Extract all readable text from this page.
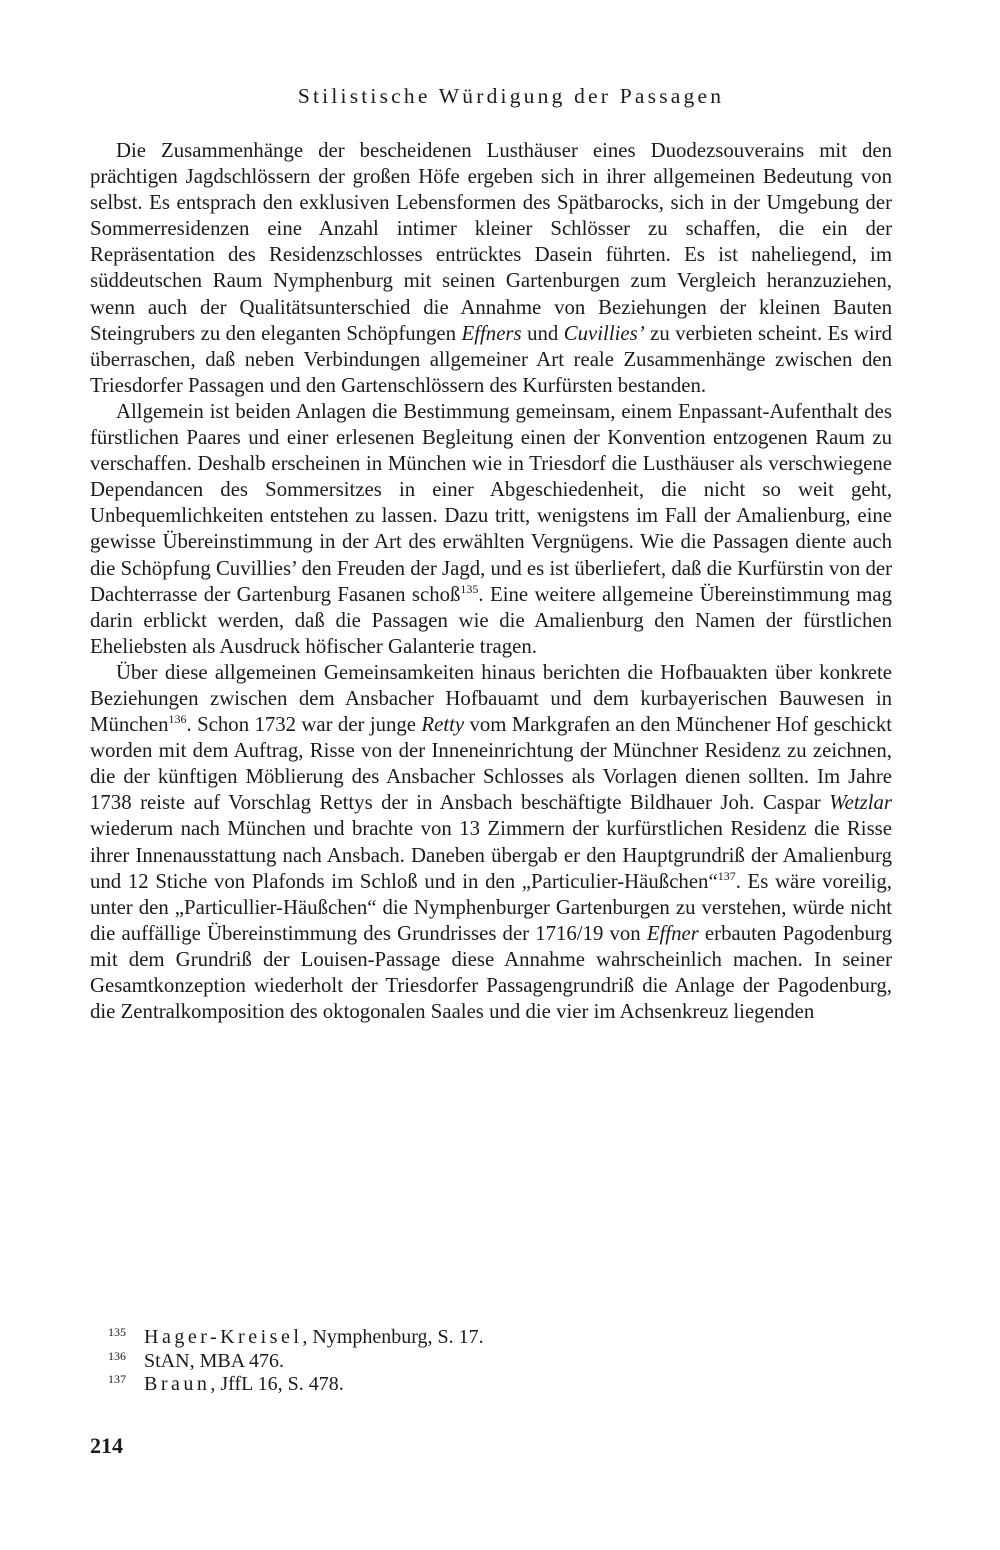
Stilistische Würdigung der Passagen

Die Zusammenhänge der bescheidenen Lusthäuser eines Duodezsouverains mit den prächtigen Jagdschlössern der großen Höfe ergeben sich in ihrer allgemeinen Bedeutung von selbst. Es entsprach den exklusiven Lebensformen des Spätbarocks, sich in der Umgebung der Sommerresidenzen eine Anzahl intimer kleiner Schlösser zu schaffen, die ein der Repräsentation des Residenzschlosses entrücktes Dasein führten. Es ist naheliegend, im süddeutschen Raum Nymphenburg mit seinen Gartenburgen zum Vergleich heranzuziehen, wenn auch der Qualitätsunterschied die Annahme von Beziehungen der kleinen Bauten Steingrubers zu den eleganten Schöpfungen Effners und Cuvillies’ zu verbieten scheint. Es wird überraschen, daß neben Verbindungen allgemeiner Art reale Zusammenhänge zwischen den Triesdorfer Passagen und den Gartenschlössern des Kurfürsten bestanden.

Allgemein ist beiden Anlagen die Bestimmung gemeinsam, einem Enpassant-Aufenthalt des fürstlichen Paares und einer erlesenen Begleitung einen der Konvention entzogenen Raum zu verschaffen. Deshalb erscheinen in München wie in Triesdorf die Lusthäuser als verschwiegene Dependancen des Sommersitzes in einer Abgeschiedenheit, die nicht so weit geht, Unbequemlichkeiten entstehen zu lassen. Dazu tritt, wenigstens im Fall der Amalienburg, eine gewisse Übereinstimmung in der Art des erwählten Vergnügens. Wie die Passagen diente auch die Schöpfung Cuvillies’ den Freuden der Jagd, und es ist überliefert, daß die Kurfürstin von der Dachterrasse der Gartenburg Fasanen schoß$^{135}$. Eine weitere allgemeine Übereinstimmung mag darin erblickt werden, daß die Passagen wie die Amalienburg den Namen der fürstlichen Eheliebsten als Ausdruck höfischer Galanterie tragen.

Über diese allgemeinen Gemeinsamkeiten hinaus berichten die Hofbauakten über konkrete Beziehungen zwischen dem Ansbacher Hofbauamt und dem kurbayerischen Bauwesen in München$^{136}$. Schon 1732 war der junge Retty vom Markgrafen an den Münchener Hof geschickt worden mit dem Auftrag, Risse von der Inneneinrichtung der Münchner Residenz zu zeichnen, die der künftigen Möblierung des Ansbacher Schlosses als Vorlagen dienen sollten. Im Jahre 1738 reiste auf Vorschlag Rettys der in Ansbach beschäftigte Bildhauer Joh. Caspar Wetzlar wiederum nach München und brachte von 13 Zimmern der kurfürstlichen Residenz die Risse ihrer Innenausstattung nach Ansbach. Daneben übergab er den Hauptgrundriß der Amalienburg und 12 Stiche von Plafonds im Schloß und in den „Particulier-Häußchen“$^{137}$. Es wäre voreilig, unter den „Particullier-Häußchen“ die Nymphenburger Gartenburgen zu verstehen, würde nicht die auffällige Übereinstimmung des Grundrisses der 1716/19 von Effner erbauten Pagodenburg mit dem Grundriß der Louisen-Passage diese Annahme wahrscheinlich machen. In seiner Gesamtkonzeption wiederholt der Triesdorfer Passagengrundriß die Anlage der Pagodenburg, die Zentralkomposition des oktogonalen Saales und die vier im Achsenkreuz liegenden

135 Hager-Kreisel, Nymphenburg, S. 17.
136 StAN, MBA 476.
137 Braun, JffL 16, S. 478.
214
